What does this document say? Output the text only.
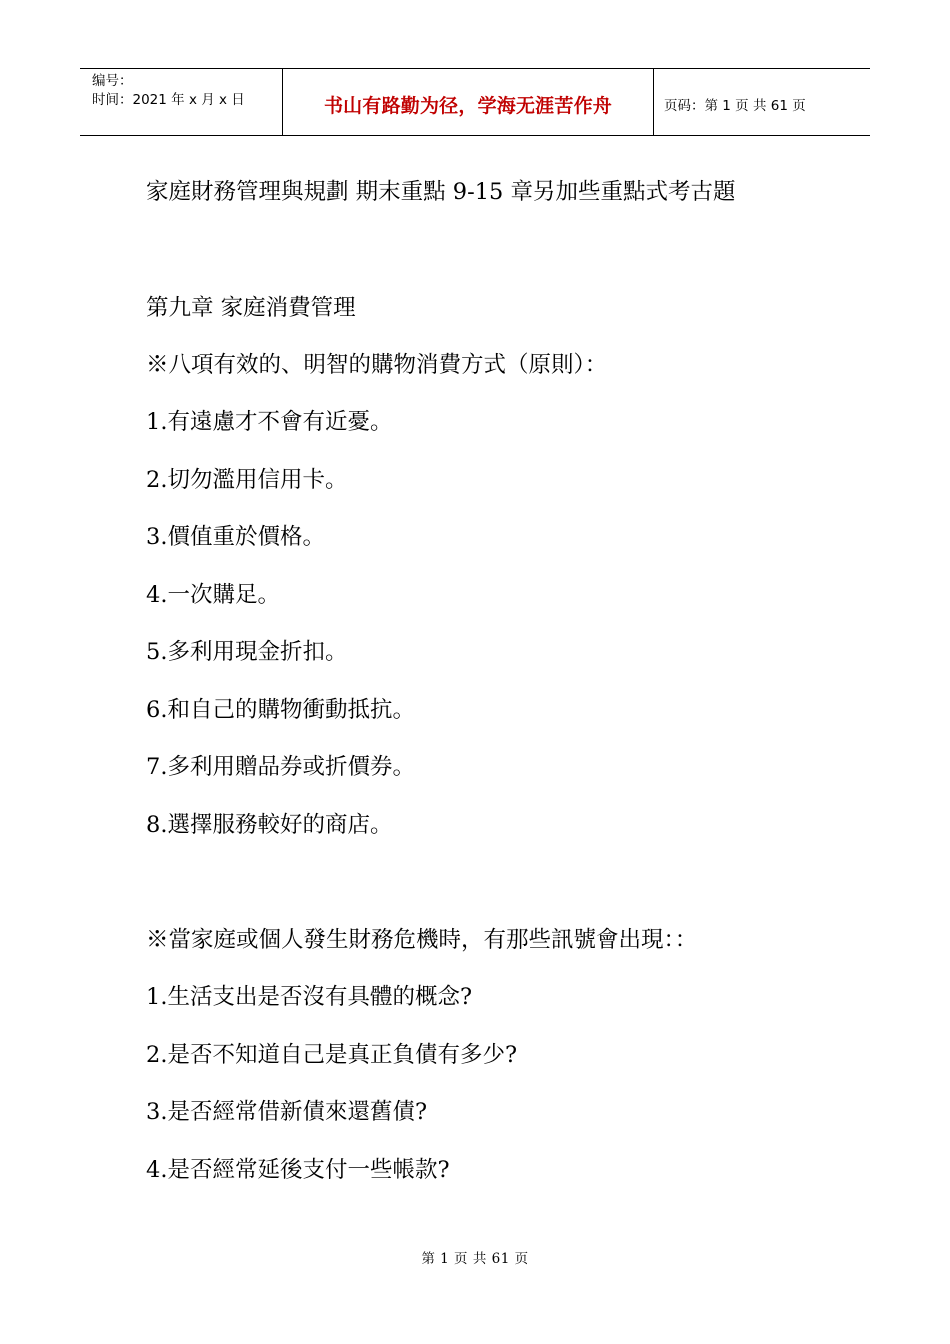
编号：
时间：2021 年 x 月 x 日	书山有路勤为径，学海无涯苦作舟	页码：第 1 页 共 61 页
家庭財務管理與規劃 期末重點 9-15 章另加些重點式考古題
第九章 家庭消費管理
※八項有效的、明智的購物消費方式（原則）：
1.有遠慮才不會有近憂。
2.切勿濫用信用卡。
3.價值重於價格。
4.一次購足。
5.多利用現金折扣。
6.和自己的購物衝動抵抗。
7.多利用贈品券或折價券。
8.選擇服務較好的商店。
※當家庭或個人發生財務危機時，有那些訊號會出現：：
1.生活支出是否沒有具體的概念?
2.是否不知道自己是真正負債有多少?
3.是否經常借新債來還舊債?
4.是否經常延後支付一些帳款?
第 1 页 共 61 页
